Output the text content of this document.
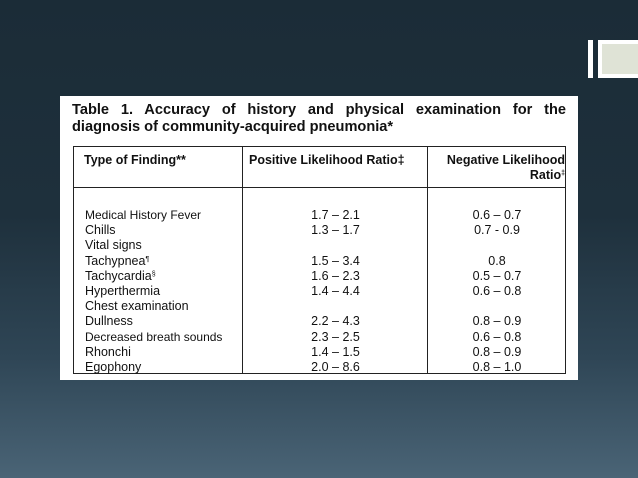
Table 1. Accuracy of history and physical examination for the
diagnosis of community-acquired pneumonia*
Type of Finding**	Positive Likelihood Ratio‡	Negative Likelihood
Ratio‡
Medical History Fever
Chills
Vital signs
Tachypnea¶
Tachycardia§
Hyperthermia
Chest examination
Dullness
Decreased breath sounds
Rhonchi
Egophony
1.7 – 2.1
1.3 – 1.7
1.5 – 3.4
1.6 – 2.3
1.4 – 4.4
2.2 – 4.3
2.3 – 2.5
1.4 – 1.5
2.0 – 8.6
0.6 – 0.7
0.7 - 0.9
0.8
0.5 – 0.7
0.6 – 0.8
0.8 – 0.9
0.6 – 0.8
0.8 – 0.9
0.8 – 1.0
